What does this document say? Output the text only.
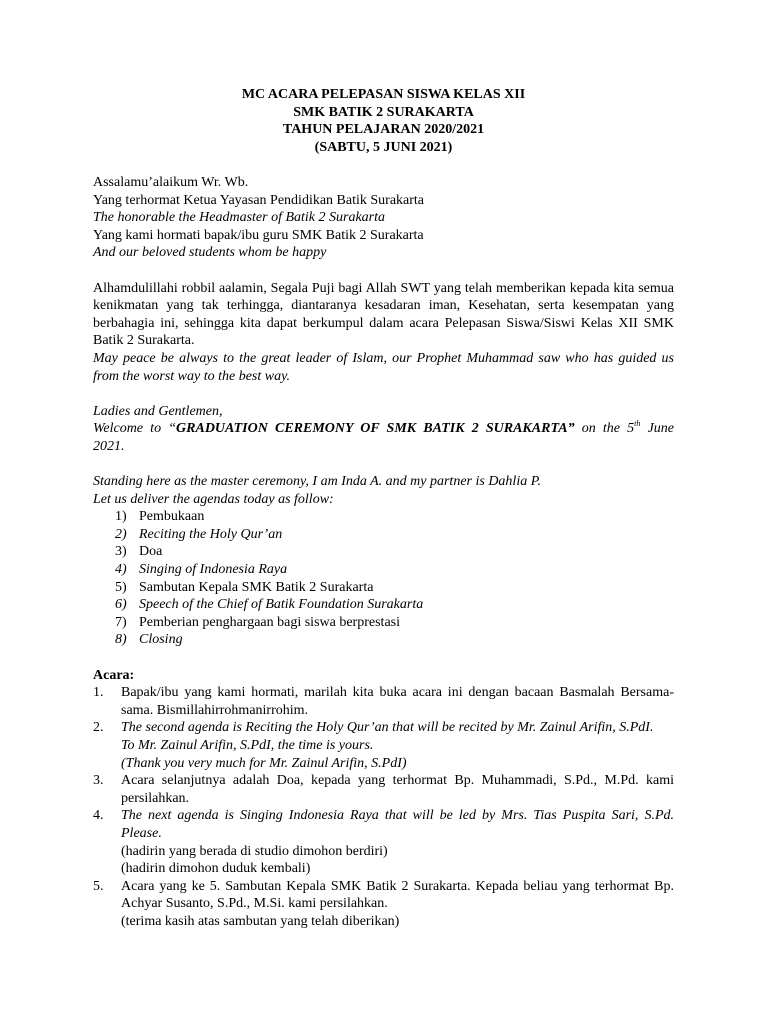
MC ACARA PELEPASAN SISWA KELAS XII
SMK BATIK 2 SURAKARTA
TAHUN PELAJARAN 2020/2021
(SABTU, 5 JUNI 2021)
Assalamu’alaikum Wr. Wb.
Yang terhormat Ketua Yayasan Pendidikan Batik Surakarta
The honorable the Headmaster of Batik 2 Surakarta
Yang kami hormati bapak/ibu guru SMK Batik 2 Surakarta
And our beloved students whom be happy
Alhamdulillahi robbil aalamin, Segala Puji bagi Allah SWT yang telah memberikan kepada kita semua kenikmatan yang tak terhingga, diantaranya kesadaran iman, Kesehatan, serta kesempatan yang berbahagia ini, sehingga kita dapat berkumpul dalam acara Pelepasan Siswa/Siswi Kelas XII SMK Batik 2 Surakarta.
May peace be always to the great leader of Islam, our Prophet Muhammad saw who has guided us from the worst way to the best way.
Ladies and Gentlemen,
Welcome to “GRADUATION CEREMONY OF SMK BATIK 2 SURAKARTA” on the 5th June
2021.
Standing here as the master ceremony, I am Inda A. and my partner is Dahlia P.
Let us deliver the agendas today as follow:
1) Pembukaan
2) Reciting the Holy Qur’an
3) Doa
4) Singing of Indonesia Raya
5) Sambutan Kepala SMK Batik 2 Surakarta
6) Speech of the Chief of Batik Foundation Surakarta
7) Pemberian penghargaan bagi siswa berprestasi
8) Closing
Acara:
1. Bapak/ibu yang kami hormati, marilah kita buka acara ini dengan bacaan Basmalah Bersama-sama. Bismillahirrohmanirrohim.
2. The second agenda is Reciting the Holy Qur’an that will be recited by Mr. Zainul Arifin, S.PdI.
To Mr. Zainul Arifin, S.PdI, the time is yours.
(Thank you very much for Mr. Zainul Arifin, S.PdI)
3. Acara selanjutnya adalah Doa, kepada yang terhormat Bp. Muhammadi, S.Pd., M.Pd. kami persilahkan.
4. The next agenda is Singing Indonesia Raya that will be led by Mrs. Tias Puspita Sari, S.Pd. Please.
(hadirin yang berada di studio dimohon berdiri)
(hadirin dimohon duduk kembali)
5. Acara yang ke 5. Sambutan Kepala SMK Batik 2 Surakarta. Kepada beliau yang terhormat Bp. Achyar Susanto, S.Pd., M.Si. kami persilahkan.
(terima kasih atas sambutan yang telah diberikan)
